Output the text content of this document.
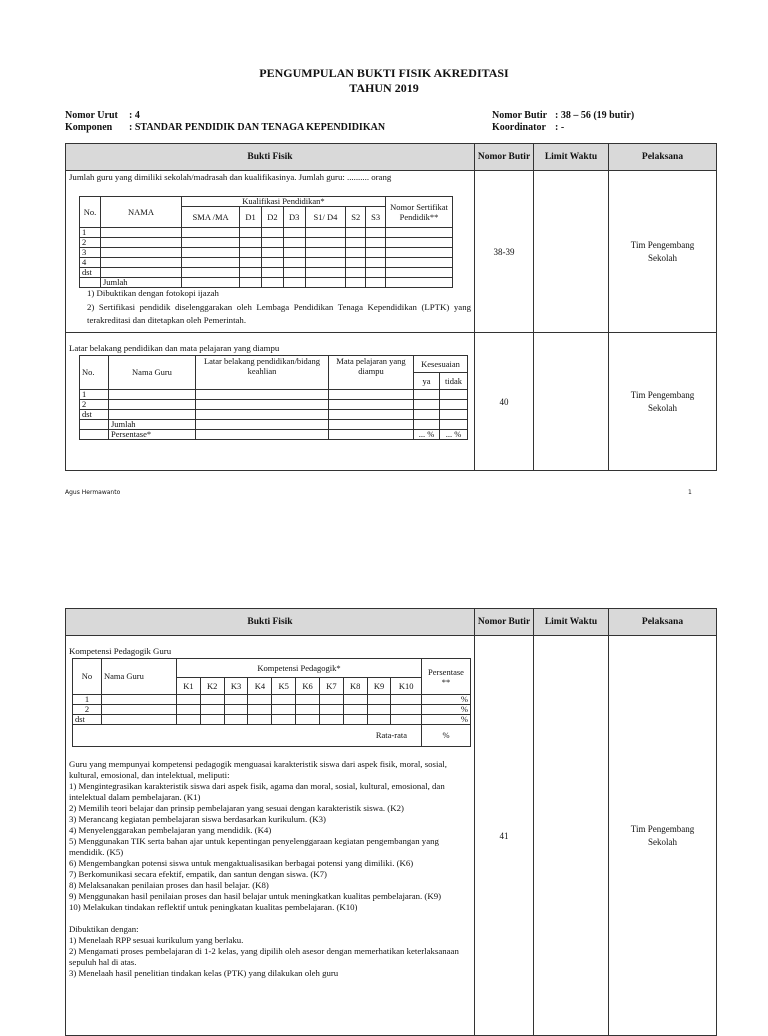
PENGUMPULAN BUKTI FISIK AKREDITASI
TAHUN 2019
Nomor Urut : 4
Komponen : STANDAR PENDIDIK DAN TENAGA KEPENDIDIKAN
Nomor Butir : 38 – 56 (19 butir)
Koordinator : -
Bukti Fisik	Nomor Butir	Limit Waktu	Pelaksana

Jumlah guru yang dimiliki sekolah/madrasah dan kualifikasinya. Jumlah guru: .......... orang
No.	NAMA	Kualifikasi Pendidikan*	Nomor Sertifikat Pendidik**
SMA /MA	D1	D2	D3	S1/ D4	S2	S3
1									
2									
3									
4									
dst									
	Jumlah								
1) Dibuktikan dengan fotokopi ijazah
2) Sertifikasi pendidik diselenggarakan oleh Lembaga Pendidikan Tenaga Kependidikan (LPTK) yang terakreditasi dan ditetapkan oleh Pemerintah.
	38-39		Tim Pengembang Sekolah

Latar belakang pendidikan dan mata pelajaran yang diampu
No.	Nama Guru	Latar belakang pendidikan/bidang keahlian	Mata pelajaran yang diampu	Kesesuaian
ya	tidak
1					
2					
dst					
	Jumlah				
	Persentase*			... %	... %
	40		Tim Pengembang Sekolah
Agus Hermawanto	1
Bukti Fisik	Nomor Butir	Limit Waktu	Pelaksana

Kompetensi Pedagogik Guru
No	Nama Guru	Kompetensi Pedagogik*	Persentase **
K1	K2	K3	K4	K5	K6	K7	K8	K9	K10
1												%
2												%
dst												%
Rata-rata	%
Guru yang mempunyai kompetensi pedagogik menguasai karakteristik siswa dari aspek fisik, moral, sosial, kultural, emosional, dan intelektual, meliputi:
1) Mengintegrasikan karakteristik siswa dari aspek fisik, agama dan moral, sosial, kultural, emosional, dan intelektual dalam pembelajaran. (K1)
2) Memilih teori belajar dan prinsip pembelajaran yang sesuai dengan karakteristik siswa. (K2)
3) Merancang kegiatan pembelajaran siswa berdasarkan kurikulum. (K3)
4) Menyelenggarakan pembelajaran yang mendidik. (K4)
5) Menggunakan TIK serta bahan ajar untuk kepentingan penyelenggaraan kegiatan pengembangan yang mendidik. (K5)
6) Mengembangkan potensi siswa untuk mengaktualisasikan berbagai potensi yang dimiliki. (K6)
7) Berkomunikasi secara efektif, empatik, dan santun dengan siswa. (K7)
8) Melaksanakan penilaian proses dan hasil belajar. (K8)
9) Menggunakan hasil penilaian proses dan hasil belajar untuk meningkatkan kualitas pembelajaran. (K9)
10) Melakukan tindakan reflektif untuk peningkatan kualitas pembelajaran. (K10)
Dibuktikan dengan:
1) Menelaah RPP sesuai kurikulum yang berlaku.
2) Mengamati proses pembelajaran di 1-2 kelas, yang dipilih oleh asesor dengan memerhatikan keterlaksanaan sepuluh hal di atas.
3) Menelaah hasil penelitian tindakan kelas (PTK) yang dilakukan oleh guru
	41		Tim Pengembang Sekolah
